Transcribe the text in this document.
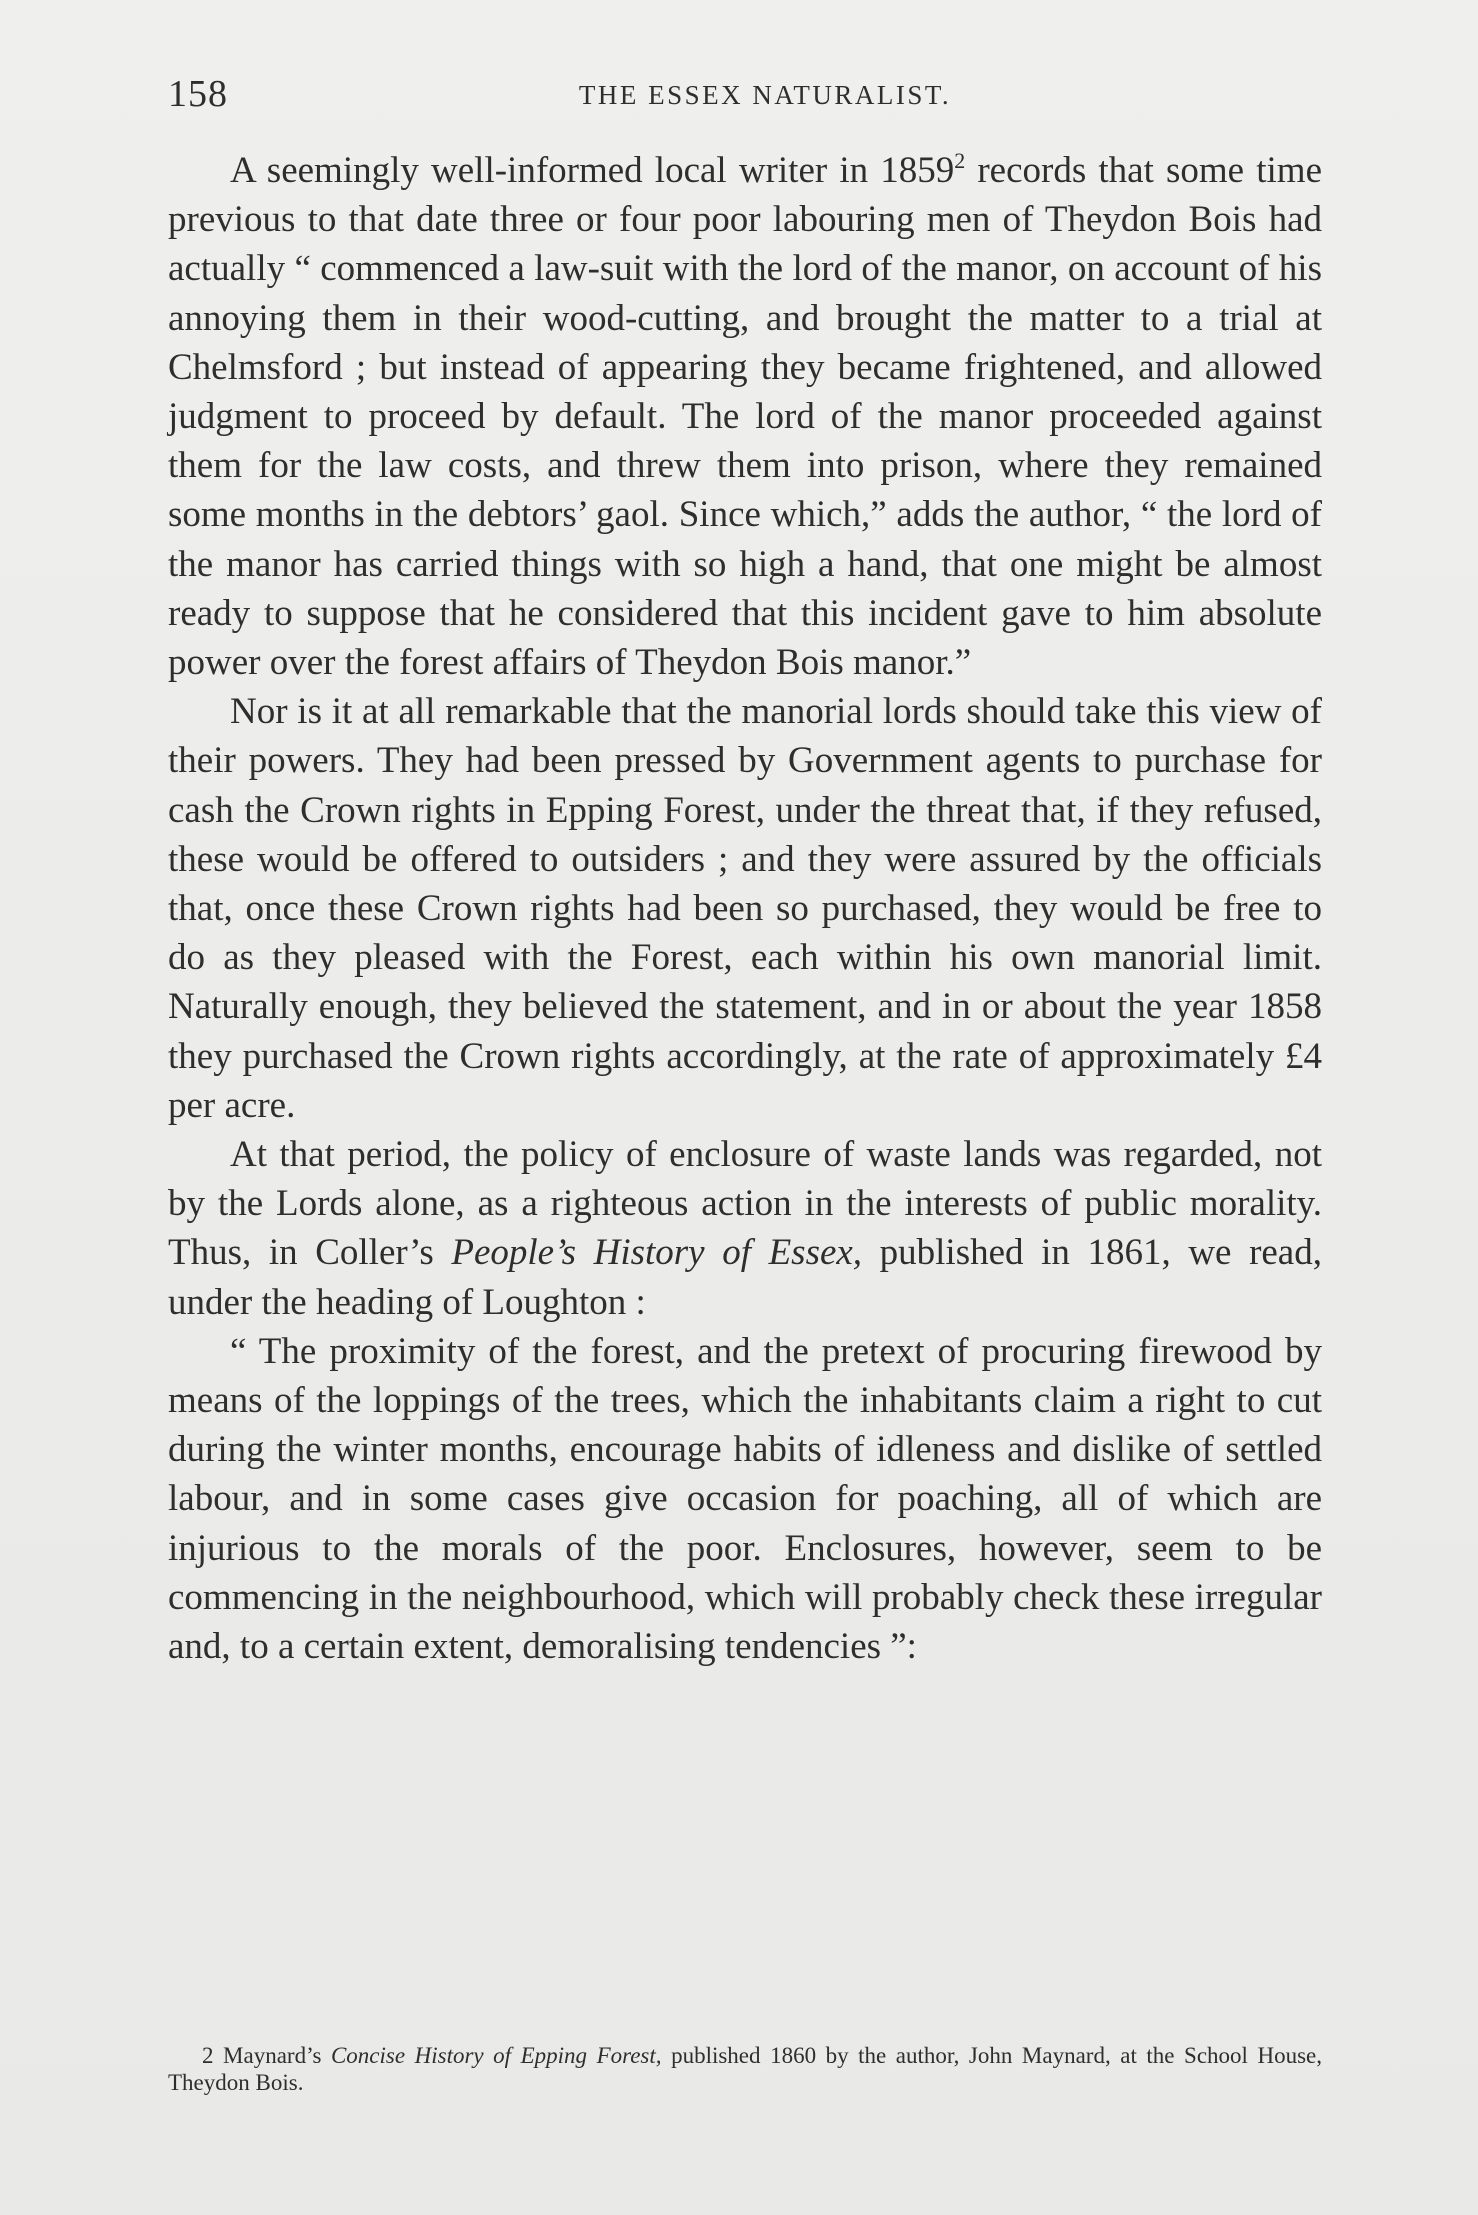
158	THE ESSEX NATURALIST.

A seemingly well-informed local writer in 1859$^2$ records that some time previous to that date three or four poor labouring men of Theydon Bois had actually “ commenced a law-suit with the lord of the manor, on account of his annoying them in their wood-cutting, and brought the matter to a trial at Chelmsford ; but instead of appearing they became frightened, and allowed judgment to proceed by default. The lord of the manor proceeded against them for the law costs, and threw them into prison, where they remained some months in the debtors’ gaol. Since which,” adds the author, “ the lord of the manor has carried things with so high a hand, that one might be almost ready to suppose that he considered that this incident gave to him absolute power over the forest affairs of Theydon Bois manor.”

Nor is it at all remarkable that the manorial lords should take this view of their powers. They had been pressed by Government agents to purchase for cash the Crown rights in Epping Forest, under the threat that, if they refused, these would be offered to outsiders ; and they were assured by the officials that, once these Crown rights had been so purchased, they would be free to do as they pleased with the Forest, each within his own manorial limit. Naturally enough, they believed the statement, and in or about the year 1858 they purchased the Crown rights accordingly, at the rate of approximately £4 per acre.

At that period, the policy of enclosure of waste lands was regarded, not by the Lords alone, as a righteous action in the interests of public morality. Thus, in Coller’s People’s History of Essex, published in 1861, we read, under the heading of Loughton :

“ The proximity of the forest, and the pretext of procuring firewood by means of the loppings of the trees, which the inhabitants claim a right to cut during the winter months, encourage habits of idleness and dislike of settled labour, and in some cases give occasion for poaching, all of which are injurious to the morals of the poor. Enclosures, however, seem to be commencing in the neighbourhood, which will probably check these irregular and, to a certain extent, demoralising tendencies ”:

2 Maynard’s Concise History of Epping Forest, published 1860 by the author, John Maynard, at the School House, Theydon Bois.
